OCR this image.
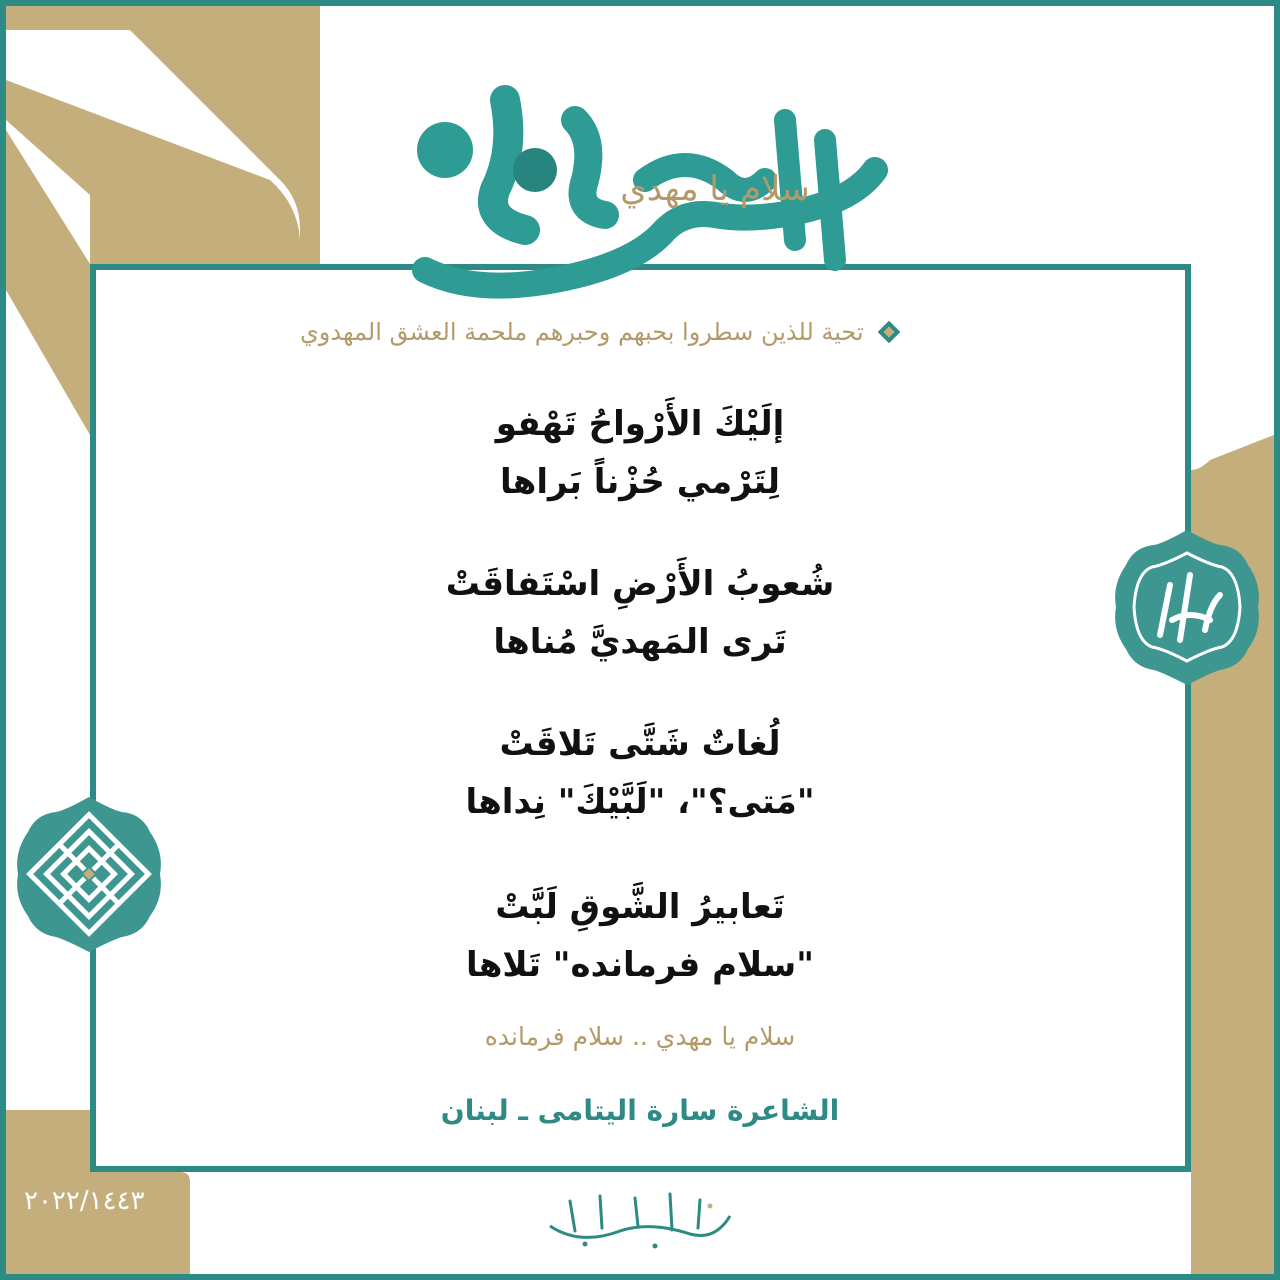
سلام يا مهدي
تحية للذين سطروا بحبهم وحبرهم ملحمة العشق المهدوي
إلَيْكَ الأَرْواحُ تَهْفو
لِتَرْمي حُزْناً بَراها
شُعوبُ الأَرْضِ اسْتَفاقَتْ
تَرى المَهديَّ مُناها
لُغاتٌ شَتَّى تَلاقَتْ
"مَتى؟"، "لَبَّيْكَ" نِداها
تَعابيرُ الشَّوقِ لَبَّتْ
"سلام فرمانده" تَلاها
سلام يا مهدي .. سلام فرمانده
الشاعرة سارة اليتامى ـ لبنان
٢٠٢٢/١٤٤٣
